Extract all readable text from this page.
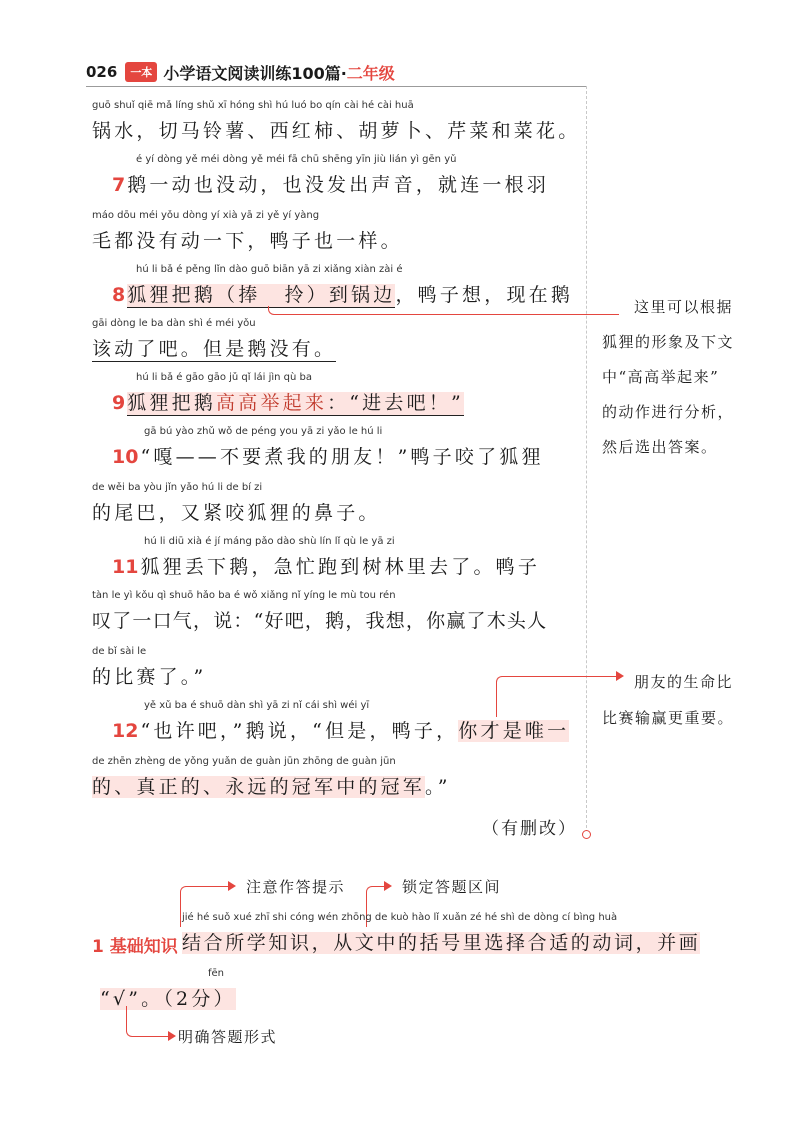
026	一本 小学语文阅读训练100篇· 二年级
guō shuǐ qiē mǎ líng shǔ xī hóng shì hú luó bo qín cài hé cài huā
锅水，切马铃薯、西红柿、胡萝卜、芹菜和菜花。
é yí dòng yě méi dòng yě méi fā chū shēng yīn jiù lián yì gēn yǔ
7 鹅一动也没动，也没发出声音，就连一根羽
máo dōu méi yǒu dòng yí xià yā zi yě yí yàng
毛都没有动一下，鸭子也一样。
hú li bǎ é pěng lǐn dào guō biān yā zi xiǎng xiàn zài é
8 狐狸把鹅（捧 拎）到锅边，鸭子想，现在鹅
gāi dòng le ba dàn shì é méi yǒu
该动了吧。但是鹅没有。
hú li bǎ é gāo gāo jǔ qǐ lái jìn qù ba
9 狐狸把鹅高高举起来：“进去吧！”
gā bú yào zhǔ wǒ de péng you yā zi yǎo le hú li
10 “嘎——不要煮我的朋友！”鸭子咬了狐狸
de wěi ba yòu jǐn yǎo hú li de bí zi
的尾巴，又紧咬狐狸的鼻子。
hú li diū xià é jí máng pǎo dào shù lín lǐ qù le yā zi
11 狐狸丢下鹅，急忙跑到树林里去了。鸭子
tàn le yì kǒu qì shuō hǎo ba é wǒ xiǎng nǐ yíng le mù tou rén
叹了一口气，说：“好吧，鹅，我想，你赢了木头人
de bǐ sài le
的比赛了。”
yě xǔ ba é shuō dàn shì yā zi nǐ cái shì wéi yī
12 “也许吧，”鹅说，“但是，鸭子，你才是唯一
de zhēn zhèng de yǒng yuǎn de guàn jūn zhōng de guàn jūn
的、真正的、永远的冠军中的冠军。”
（有删改）
这里可以根据
狐狸的形象及下文
中“高高举起来”
的动作进行分析，
然后选出答案。
朋友的生命比
比赛输赢更重要。
注意作答提示	锁定答题区间
1 基础知识
jié hé suǒ xué zhī shi cóng wén zhōng de kuò hào lǐ xuǎn zé hé shì de dòng cí bìng huà
结合所学知识，从文中的括号里选择合适的动词，并画
fēn
“√”。（2分）
明确答题形式
